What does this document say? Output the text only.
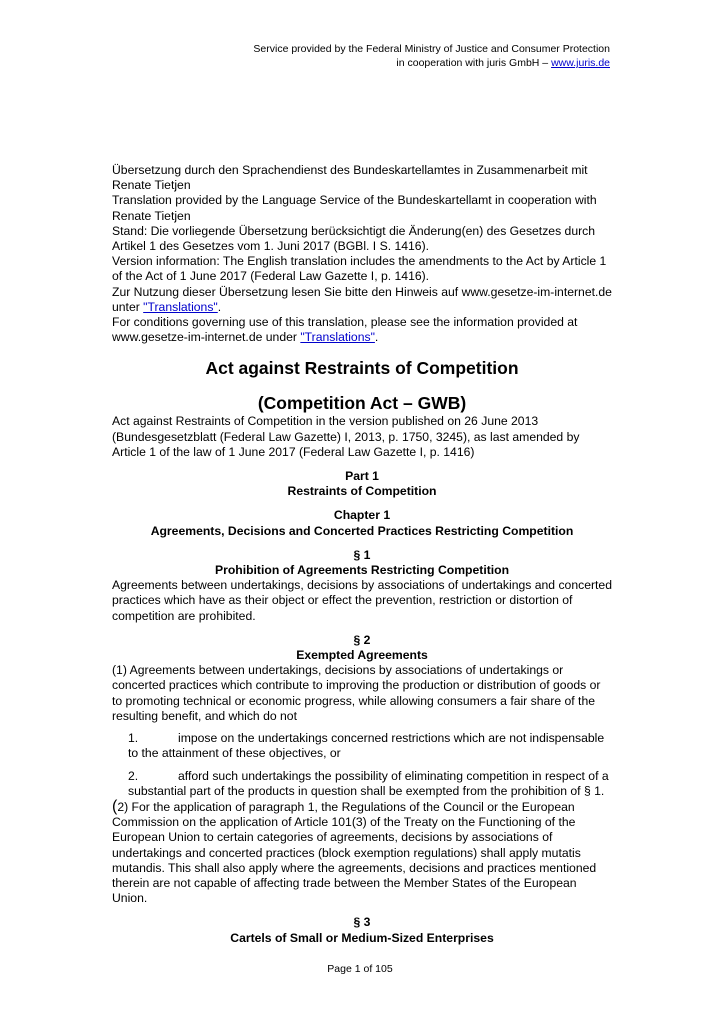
Service provided by the Federal Ministry of Justice and Consumer Protection
in cooperation with juris GmbH – www.juris.de

Übersetzung durch den Sprachendienst des Bundeskartellamtes in Zusammenarbeit mit Renate Tietjen

Translation provided by the Language Service of the Bundeskartellamt in cooperation with Renate Tietjen

Stand: Die vorliegende Übersetzung berücksichtigt die Änderung(en) des Gesetzes durch Artikel 1 des Gesetzes vom 1. Juni 2017 (BGBl. I S. 1416).

Version information: The English translation includes the amendments to the Act by Article 1 of the Act of 1 June 2017 (Federal Law Gazette I, p. 1416).

Zur Nutzung dieser Übersetzung lesen Sie bitte den Hinweis auf www.gesetze-im-internet.de unter "Translations".

For conditions governing use of this translation, please see the information provided at www.gesetze-im-internet.de under "Translations".

Act against Restraints of Competition
(Competition Act – GWB)

Act against Restraints of Competition in the version published on 26 June 2013 (Bundesgesetzblatt (Federal Law Gazette) I, 2013, p. 1750, 3245), as last amended by Article 1 of the law of 1 June 2017 (Federal Law Gazette I, p. 1416)

Part 1
Restraints of Competition
Chapter 1
Agreements, Decisions and Concerted Practices Restricting Competition
§ 1
Prohibition of Agreements Restricting Competition

Agreements between undertakings, decisions by associations of undertakings and concerted practices which have as their object or effect the prevention, restriction or distortion of competition are prohibited.

§ 2
Exempted Agreements

(1) Agreements between undertakings, decisions by associations of undertakings or concerted practices which contribute to improving the production or distribution of goods or to promoting technical or economic progress, while allowing consumers a fair share of the resulting benefit, and which do not

1.	impose on the undertakings concerned restrictions which are not indispensable to the attainment of these objectives, or
2.	afford such undertakings the possibility of eliminating competition in respect of a substantial part of the products in question shall be exempted from the prohibition of § 1.

(2) For the application of paragraph 1, the Regulations of the Council or the European Commission on the application of Article 101(3) of the Treaty on the Functioning of the European Union to certain categories of agreements, decisions by associations of undertakings and concerted practices (block exemption regulations) shall apply mutatis mutandis. This shall also apply where the agreements, decisions and practices mentioned therein are not capable of affecting trade between the Member States of the European Union.

§ 3
Cartels of Small or Medium-Sized Enterprises
Page 1 of 105
